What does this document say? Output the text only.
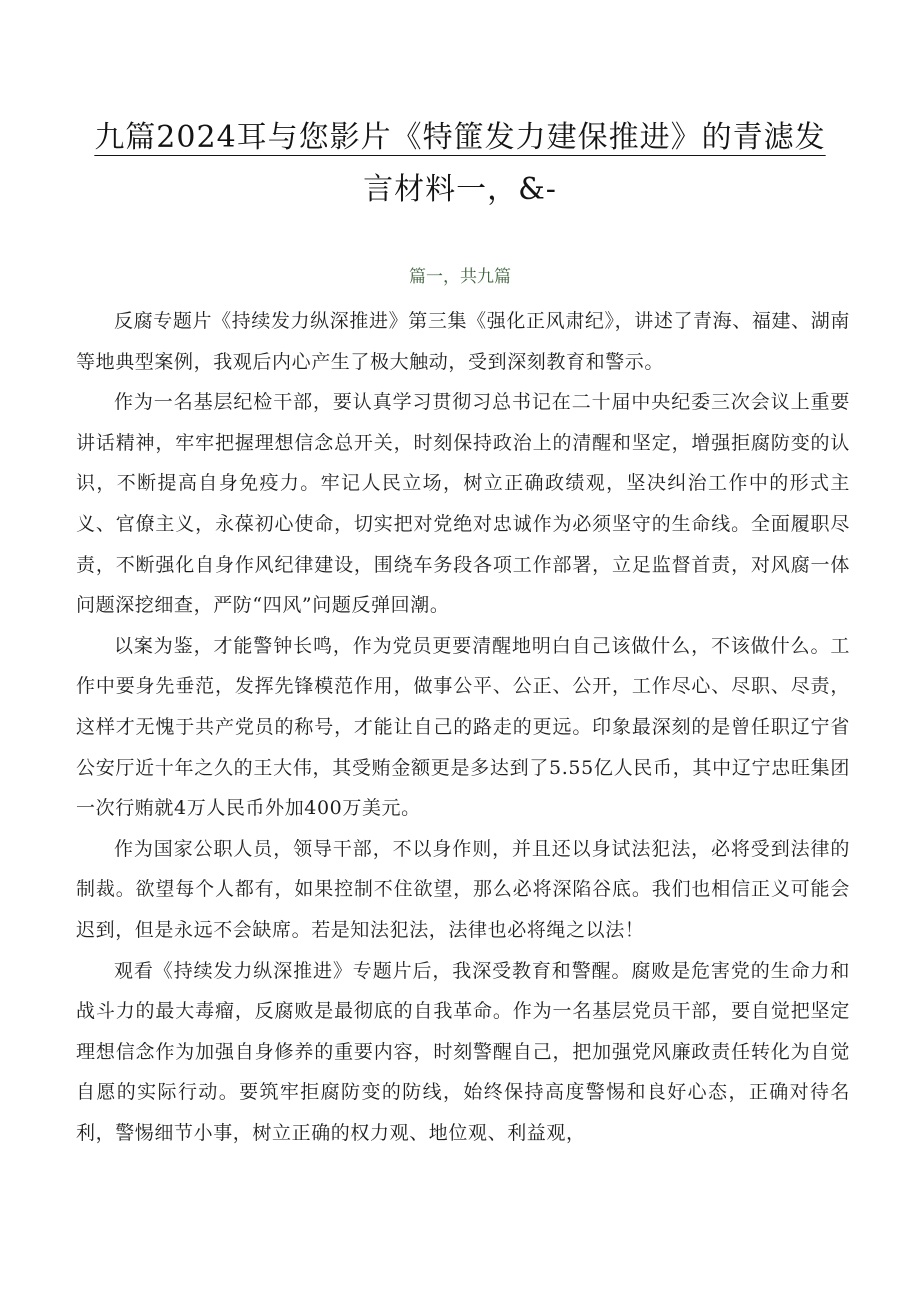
九篇2024耳与您影片《特篚发力建保推进》的青滤发
言材料一，&-
篇一，共九篇

反腐专题片《持续发力纵深推进》第三集《强化正风肃纪》，讲述了青海、福建、湖南等地典型案例，我观后内心产生了极大触动，受到深刻教育和警示。

作为一名基层纪检干部，要认真学习贯彻习总书记在二十届中央纪委三次会议上重要讲话精神，牢牢把握理想信念总开关，时刻保持政治上的清醒和坚定，增强拒腐防变的认识，不断提高自身免疫力。牢记人民立场，树立正确政绩观，坚决纠治工作中的形式主义、官僚主义，永葆初心使命，切实把对党绝对忠诚作为必须坚守的生命线。全面履职尽责，不断强化自身作风纪律建设，围绕车务段各项工作部署，立足监督首责，对风腐一体问题深挖细查，严防“四风”问题反弹回潮。

以案为鉴，才能警钟长鸣，作为党员更要清醒地明白自己该做什么，不该做什么。工作中要身先垂范，发挥先锋模范作用，做事公平、公正、公开，工作尽心、尽职、尽责，这样才无愧于共产党员的称号，才能让自己的路走的更远。印象最深刻的是曾任职辽宁省公安厅近十年之久的王大伟，其受贿金额更是多达到了5.55亿人民币，其中辽宁忠旺集团一次行贿就4万人民币外加400万美元。

作为国家公职人员，领导干部，不以身作则，并且还以身试法犯法，必将受到法律的制裁。欲望每个人都有，如果控制不住欲望，那么必将深陷谷底。我们也相信正义可能会迟到，但是永远不会缺席。若是知法犯法，法律也必将绳之以法！

观看《持续发力纵深推进》专题片后，我深受教育和警醒。腐败是危害党的生命力和战斗力的最大毒瘤，反腐败是最彻底的自我革命。作为一名基层党员干部，要自觉把坚定理想信念作为加强自身修养的重要内容，时刻警醒自己，把加强党风廉政责任转化为自觉自愿的实际行动。要筑牢拒腐防变的防线，始终保持高度警惕和良好心态，正确对待名利，警惕细节小事，树立正确的权力观、地位观、利益观，
